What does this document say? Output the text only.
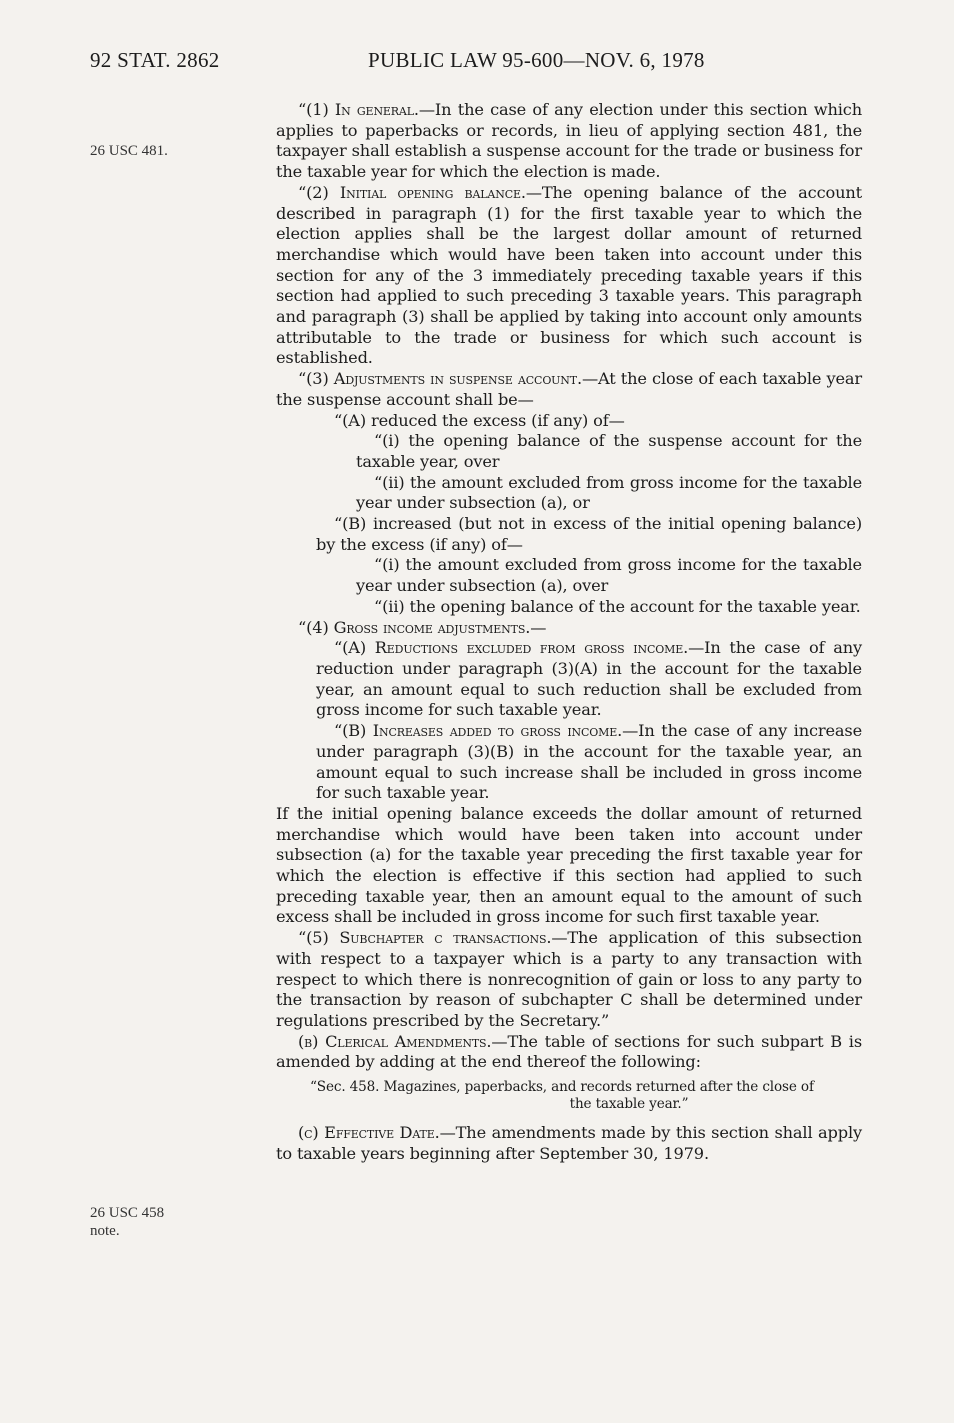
92 STAT. 2862	PUBLIC LAW 95-600—NOV. 6, 1978
26 USC 481.
26 USC 458
note.

“(1) In general.—In the case of any election under this section which applies to paperbacks or records, in lieu of applying section 481, the taxpayer shall establish a suspense account for the trade or business for the taxable year for which the election is made.

“(2) Initial opening balance.—The opening balance of the account described in paragraph (1) for the first taxable year to which the election applies shall be the largest dollar amount of returned merchandise which would have been taken into account under this section for any of the 3 immediately preceding taxable years if this section had applied to such preceding 3 taxable years. This paragraph and paragraph (3) shall be applied by taking into account only amounts attributable to the trade or business for which such account is established.

“(3) Adjustments in suspense account.—At the close of each taxable year the suspense account shall be—

“(A) reduced the excess (if any) of—

“(i) the opening balance of the suspense account for the taxable year, over

“(ii) the amount excluded from gross income for the taxable year under subsection (a), or

“(B) increased (but not in excess of the initial opening balance) by the excess (if any) of—

“(i) the amount excluded from gross income for the taxable year under subsection (a), over

“(ii) the opening balance of the account for the taxable year.

“(4) Gross income adjustments.—

“(A) Reductions excluded from gross income.—In the case of any reduction under paragraph (3)(A) in the account for the taxable year, an amount equal to such reduction shall be excluded from gross income for such taxable year.

“(B) Increases added to gross income.—In the case of any increase under paragraph (3)(B) in the account for the taxable year, an amount equal to such increase shall be included in gross income for such taxable year.

If the initial opening balance exceeds the dollar amount of returned merchandise which would have been taken into account under subsection (a) for the taxable year preceding the first taxable year for which the election is effective if this section had applied to such preceding taxable year, then an amount equal to the amount of such excess shall be included in gross income for such first taxable year.

“(5) Subchapter c transactions.—The application of this subsection with respect to a taxpayer which is a party to any transaction with respect to which there is nonrecognition of gain or loss to any party to the transaction by reason of subchapter C shall be determined under regulations prescribed by the Secretary.”

(b) Clerical Amendments.—The table of sections for such subpart B is amended by adding at the end thereof the following:

“Sec. 458. Magazines, paperbacks, and records returned after the close of
the taxable year.”

(c) Effective Date.—The amendments made by this section shall apply to taxable years beginning after September 30, 1979.
